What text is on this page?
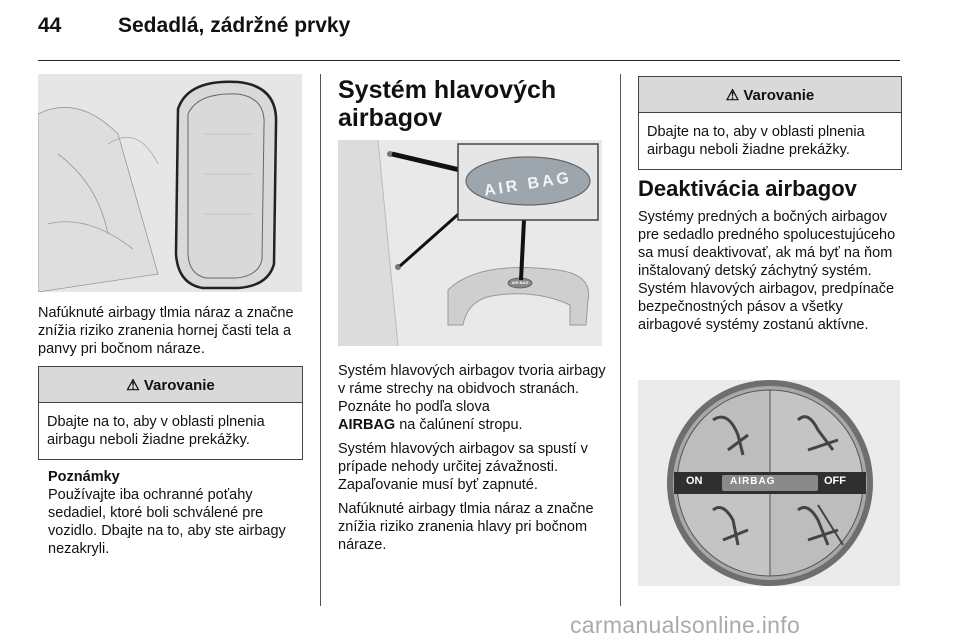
44	Sedadlá, zádržné prvky

Nafúknuté airbagy tlmia náraz a značne znížia riziko zranenia hornej časti tela a panvy pri bočnom náraze.

⚠ Varovanie
Dbajte na to, aby v oblasti plnenia airbagu neboli žiadne prekážky.
Poznámky
Používajte iba ochranné poťahy sedadiel, ktoré boli schválené pre vozidlo. Dbajte na to, aby ste airbagy nezakryli.
Systém hlavových
airbagov
AIR BAG
AIR BAG

Systém hlavových airbagov tvoria airbagy v ráme strechy na obidvoch stranách. Poznáte ho podľa slova
AIRBAG na čalúnení stropu.

Systém hlavových airbagov sa spustí v prípade nehody určitej závažnosti. Zapaľovanie musí byť zapnuté.

Nafúknuté airbagy tlmia náraz a značne znížia riziko zranenia hlavy pri bočnom náraze.

⚠ Varovanie
Dbajte na to, aby v oblasti plnenia airbagu neboli žiadne prekážky.
Deaktivácia airbagov

Systémy predných a bočných airbagov pre sedadlo predného spolucestujúceho sa musí deaktivovať, ak má byť na ňom inštalovaný detský záchytný systém. Systém hlavových airbagov, predpínače bezpečnostných pásov a všetky airbagové systémy zostanú aktívne.

ON	AIRBAG	OFF
carmanualsonline.info
